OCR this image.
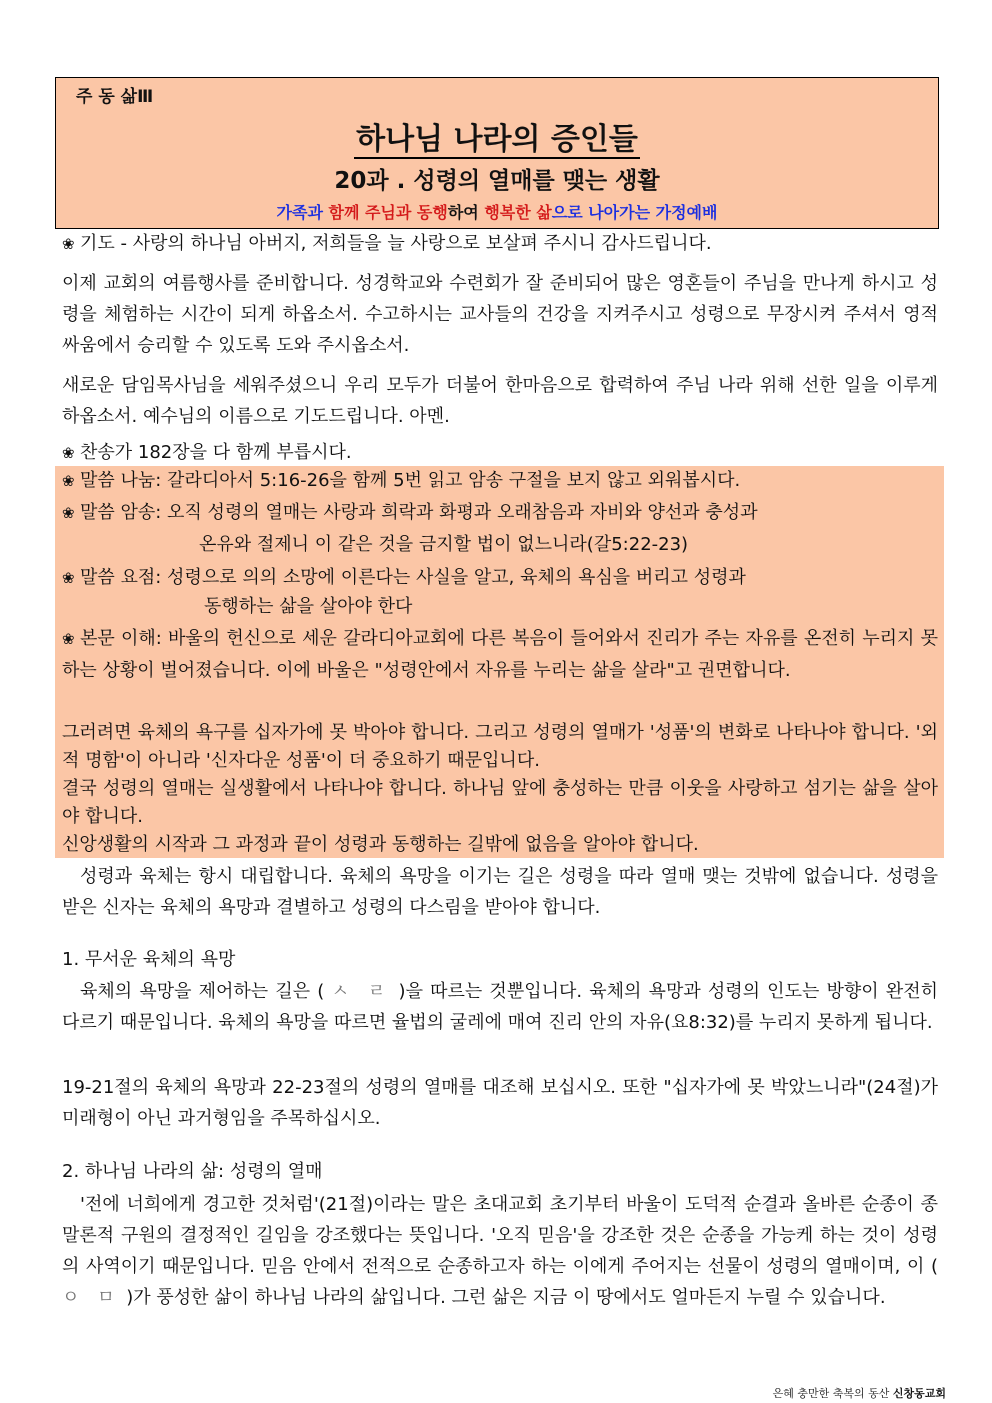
주 동 삶Ⅲ
하나님 나라의 증인들
20과 . 성령의 열매를 맺는 생활
가족과 함께 주님과 동행하여 행복한 삶으로 나아가는 가정예배
❀ 기도 - 사랑의 하나님 아버지, 저희들을 늘 사랑으로 보살펴 주시니 감사드립니다.
이제 교회의 여름행사를 준비합니다. 성경학교와 수련회가 잘 준비되어 많은 영혼들이 주님을 만나게 하시고 성령을 체험하는 시간이 되게 하옵소서. 수고하시는 교사들의 건강을 지켜주시고 성령으로 무장시켜 주셔서 영적 싸움에서 승리할 수 있도록 도와 주시옵소서.
새로운 담임목사님을 세워주셨으니 우리 모두가 더불어 한마음으로 합력하여 주님 나라 위해 선한 일을 이루게 하옵소서. 예수님의 이름으로 기도드립니다. 아멘.
❀ 찬송가 182장을 다 함께 부릅시다.
❀ 말씀 나눔: 갈라디아서 5:16-26을 함께 5번 읽고 암송 구절을 보지 않고 외워봅시다.
❀ 말씀 암송: 오직 성령의 열매는 사랑과 희락과 화평과 오래참음과 자비와 양선과 충성과
온유와 절제니 이 같은 것을 금지할 법이 없느니라(갈5:22-23)
❀ 말씀 요점: 성령으로 의의 소망에 이른다는 사실을 알고, 육체의 욕심을 버리고 성령과
동행하는 삶을 살아야 한다
❀ 본문 이해: 바울의 헌신으로 세운 갈라디아교회에 다른 복음이 들어와서 진리가 주는 자유를 온전히 누리지 못하는 상황이 벌어졌습니다. 이에 바울은 "성령안에서 자유를 누리는 삶을 살라"고 권면합니다.
그러려면 육체의 욕구를 십자가에 못 박아야 합니다. 그리고 성령의 열매가 '성품'의 변화로 나타나야 합니다. '외적 명함'이 아니라 '신자다운 성품'이 더 중요하기 때문입니다.
결국 성령의 열매는 실생활에서 나타나야 합니다. 하나님 앞에 충성하는 만큼 이웃을 사랑하고 섬기는 삶을 살아야 합니다.
신앙생활의 시작과 그 과정과 끝이 성령과 동행하는 길밖에 없음을 알아야 합니다.
성령과 육체는 항시 대립합니다. 육체의 욕망을 이기는 길은 성령을 따라 열매 맺는 것밖에 없습니다. 성령을 받은 신자는 육체의 욕망과 결별하고 성령의 다스림을 받아야 합니다.
1. 무서운 육체의 욕망
육체의 욕망을 제어하는 길은 ( ㅅ ㄹ )을 따르는 것뿐입니다. 육체의 욕망과 성령의 인도는 방향이 완전히 다르기 때문입니다. 육체의 욕망을 따르면 율법의 굴레에 매여 진리 안의 자유(요8:32)를 누리지 못하게 됩니다.
19-21절의 육체의 욕망과 22-23절의 성령의 열매를 대조해 보십시오. 또한 "십자가에 못 박았느니라"(24절)가 미래형이 아닌 과거형임을 주목하십시오.
2. 하나님 나라의 삶: 성령의 열매
'전에 너희에게 경고한 것처럼'(21절)이라는 말은 초대교회 초기부터 바울이 도덕적 순결과 올바른 순종이 종말론적 구원의 결정적인 길임을 강조했다는 뜻입니다. '오직 믿음'을 강조한 것은 순종을 가능케 하는 것이 성령의 사역이기 때문입니다. 믿음 안에서 전적으로 순종하고자 하는 이에게 주어지는 선물이 성령의 열매이며, 이 ( ㅇ ㅁ )가 풍성한 삶이 하나님 나라의 삶입니다. 그런 삶은 지금 이 땅에서도 얼마든지 누릴 수 있습니다.
은혜 충만한 축복의 동산 신창동교회
